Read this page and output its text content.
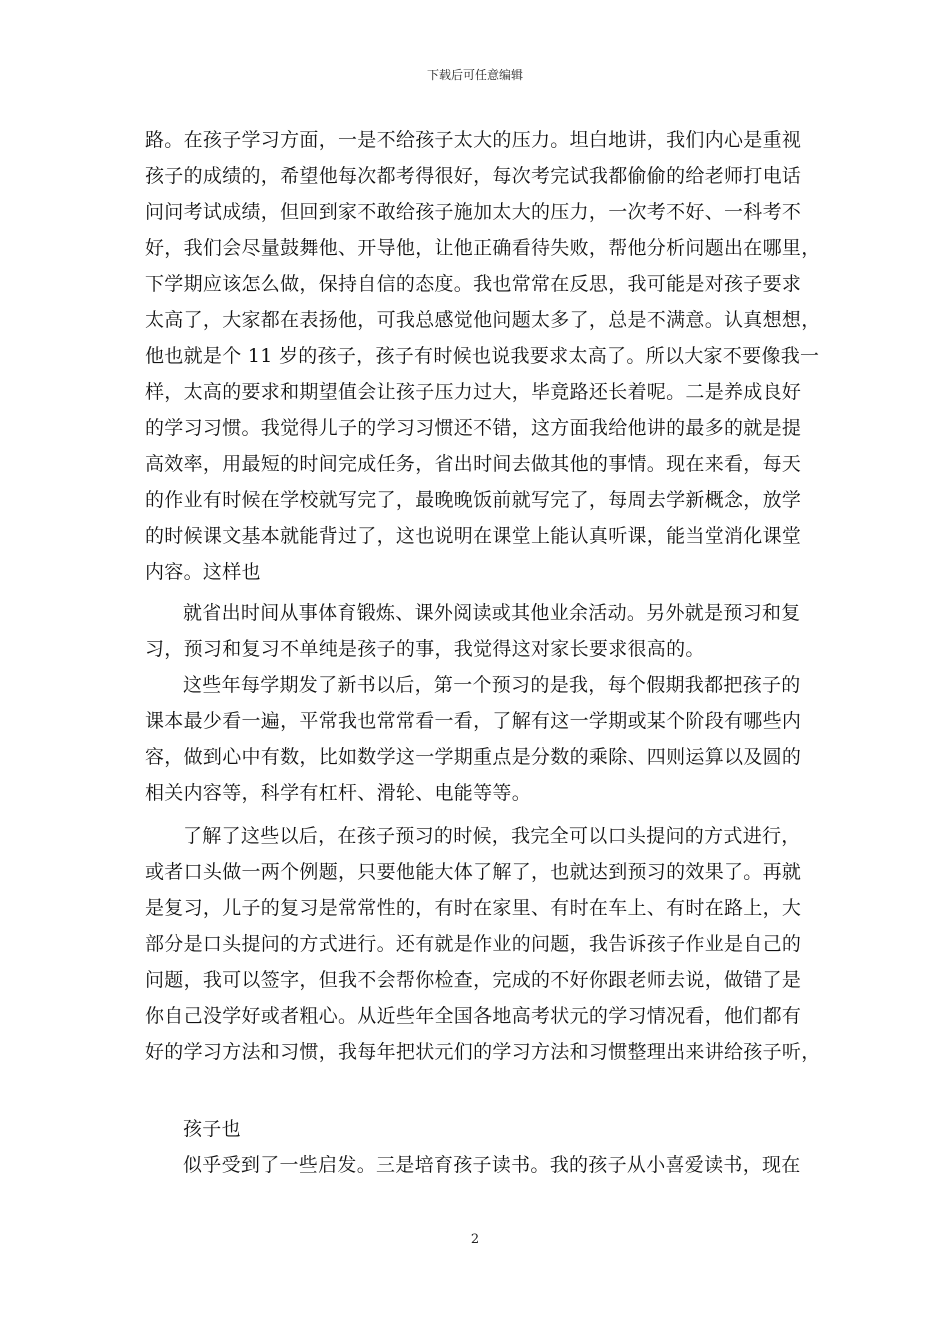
下载后可任意编辑
路。在孩子学习方面，一是不给孩子太大的压力。坦白地讲，我们内心是重视
孩子的成绩的，希望他每次都考得很好，每次考完试我都偷偷的给老师打电话
问问考试成绩，但回到家不敢给孩子施加太大的压力，一次考不好、一科考不
好，我们会尽量鼓舞他、开导他，让他正确看待失败，帮他分析问题出在哪里，
下学期应该怎么做，保持自信的态度。我也常常在反思，我可能是对孩子要求
太高了，大家都在表扬他，可我总感觉他问题太多了，总是不满意。认真想想，
他也就是个 11 岁的孩子，孩子有时候也说我要求太高了。所以大家不要像我一
样，太高的要求和期望值会让孩子压力过大，毕竟路还长着呢。二是养成良好
的学习习惯。我觉得儿子的学习习惯还不错，这方面我给他讲的最多的就是提
高效率，用最短的时间完成任务，省出时间去做其他的事情。现在来看，每天
的作业有时候在学校就写完了，最晚晚饭前就写完了，每周去学新概念，放学
的时候课文基本就能背过了，这也说明在课堂上能认真听课，能当堂消化课堂
内容。这样也
就省出时间从事体育锻炼、课外阅读或其他业余活动。另外就是预习和复
习，预习和复习不单纯是孩子的事，我觉得这对家长要求很高的。
这些年每学期发了新书以后，第一个预习的是我，每个假期我都把孩子的
课本最少看一遍，平常我也常常看一看，了解有这一学期或某个阶段有哪些内
容，做到心中有数，比如数学这一学期重点是分数的乘除、四则运算以及圆的
相关内容等，科学有杠杆、滑轮、电能等等。
了解了这些以后，在孩子预习的时候，我完全可以口头提问的方式进行，
或者口头做一两个例题，只要他能大体了解了，也就达到预习的效果了。再就
是复习，儿子的复习是常常性的，有时在家里、有时在车上、有时在路上，大
部分是口头提问的方式进行。还有就是作业的问题，我告诉孩子作业是自己的
问题，我可以签字，但我不会帮你检查，完成的不好你跟老师去说，做错了是
你自己没学好或者粗心。从近些年全国各地高考状元的学习情况看，他们都有
好的学习方法和习惯，我每年把状元们的学习方法和习惯整理出来讲给孩子听，
孩子也
似乎受到了一些启发。三是培育孩子读书。我的孩子从小喜爱读书，现在
2
